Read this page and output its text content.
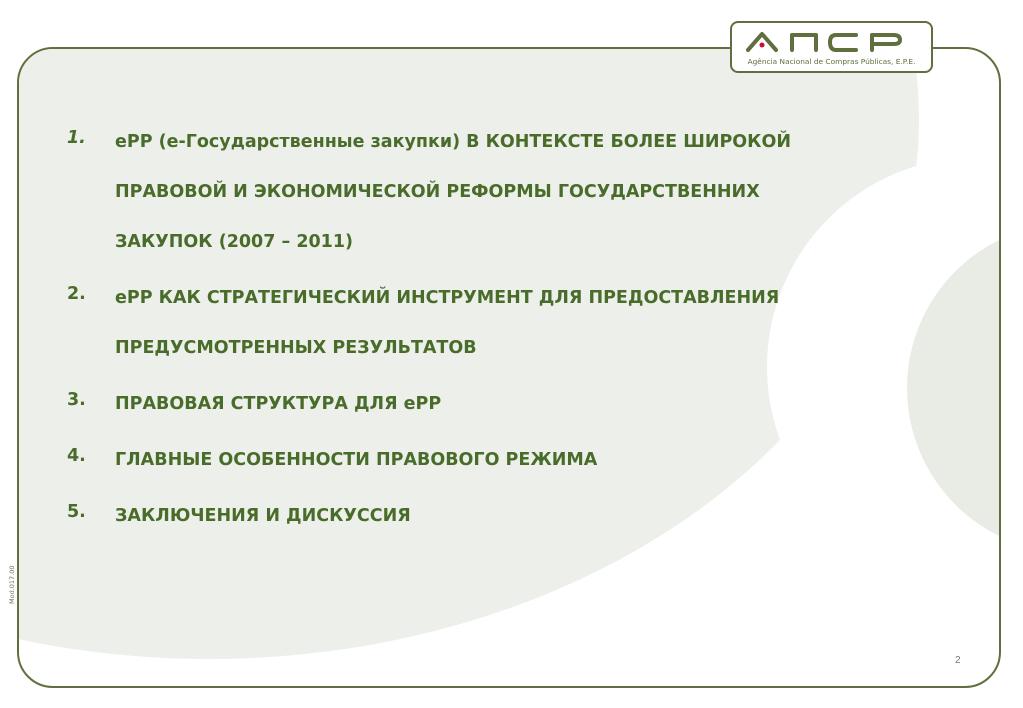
Agência Nacional de Compras Públicas, E.P.E.
1.	ePP (e-Государственные закупки) В КОНТЕКСТЕ БОЛЕЕ ШИРОКОЙ
ПРАВОВОЙ И ЭКОНОМИЧЕСКОЙ РЕФОРМЫ ГОСУДАРСТВЕННИХ
ЗАКУПОК (2007 – 2011)
2.	ePP КАК СТРАТЕГИЧЕСКИЙ ИНСТРУМЕНТ ДЛЯ ПРЕДОСТАВЛЕНИЯ
ПРЕДУСМОТРЕННЫХ РЕЗУЛЬТАТОВ
3.	ПРАВОВАЯ СТРУКТУРА ДЛЯ ePP
4.	ГЛАВНЫЕ ОСОБЕННОСТИ ПРАВОВОГО РЕЖИМА
5.	ЗАКЛЮЧЕНИЯ И ДИСКУССИЯ
Mod.017.00
2
